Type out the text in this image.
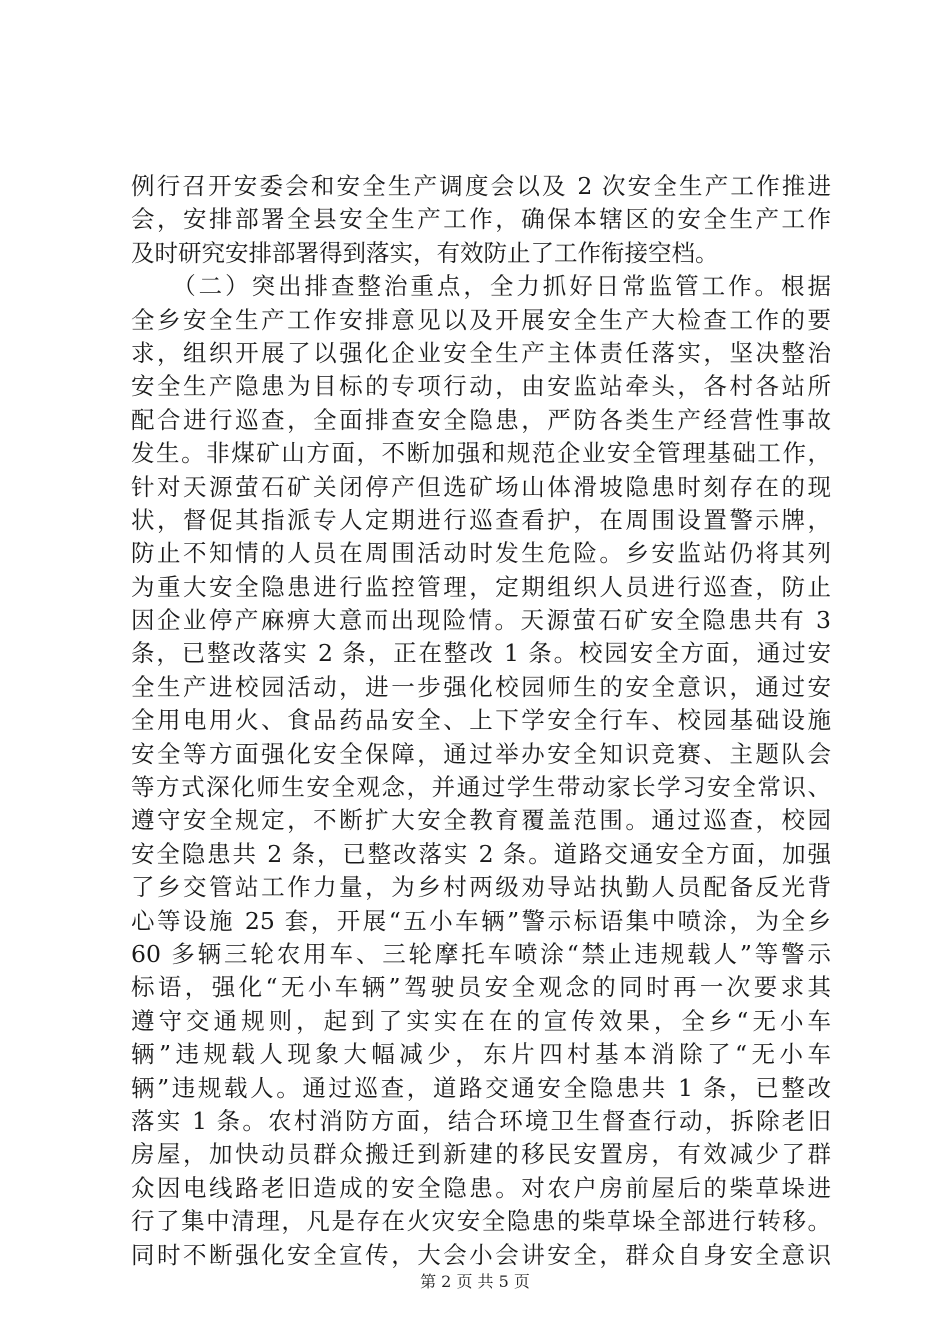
例行召开安委会和安全生产调度会以及 2 次安全生产工作推进
会，安排部署全县安全生产工作，确保本辖区的安全生产工作
及时研究安排部署得到落实，有效防止了工作衔接空档。
　　（二）突出排查整治重点，全力抓好日常监管工作。根据
全乡安全生产工作安排意见以及开展安全生产大检查工作的要
求，组织开展了以强化企业安全生产主体责任落实，坚决整治
安全生产隐患为目标的专项行动，由安监站牵头，各村各站所
配合进行巡查，全面排查安全隐患，严防各类生产经营性事故
发生。非煤矿山方面，不断加强和规范企业安全管理基础工作，
针对天源萤石矿关闭停产但选矿场山体滑坡隐患时刻存在的现
状，督促其指派专人定期进行巡查看护，在周围设置警示牌，
防止不知情的人员在周围活动时发生危险。乡安监站仍将其列
为重大安全隐患进行监控管理，定期组织人员进行巡查，防止
因企业停产麻痹大意而出现险情。天源萤石矿安全隐患共有 3
条，已整改落实 2 条，正在整改 1 条。校园安全方面，通过安
全生产进校园活动，进一步强化校园师生的安全意识，通过安
全用电用火、食品药品安全、上下学安全行车、校园基础设施
安全等方面强化安全保障，通过举办安全知识竞赛、主题队会
等方式深化师生安全观念，并通过学生带动家长学习安全常识、
遵守安全规定，不断扩大安全教育覆盖范围。通过巡查，校园
安全隐患共 2 条，已整改落实 2 条。道路交通安全方面，加强
了乡交管站工作力量，为乡村两级劝导站执勤人员配备反光背
心等设施 25 套，开展“五小车辆”警示标语集中喷涂，为全乡
60 多辆三轮农用车、三轮摩托车喷涂“禁止违规载人”等警示
标语，强化“无小车辆”驾驶员安全观念的同时再一次要求其
遵守交通规则，起到了实实在在的宣传效果，全乡“无小车
辆”违规载人现象大幅减少，东片四村基本消除了“无小车
辆”违规载人。通过巡查，道路交通安全隐患共 1 条，已整改
落实 1 条。农村消防方面，结合环境卫生督查行动，拆除老旧
房屋，加快动员群众搬迁到新建的移民安置房，有效减少了群
众因电线路老旧造成的安全隐患。对农户房前屋后的柴草垛进
行了集中清理，凡是存在火灾安全隐患的柴草垛全部进行转移。
同时不断强化安全宣传，大会小会讲安全，群众自身安全意识
第 2 页 共 5 页
